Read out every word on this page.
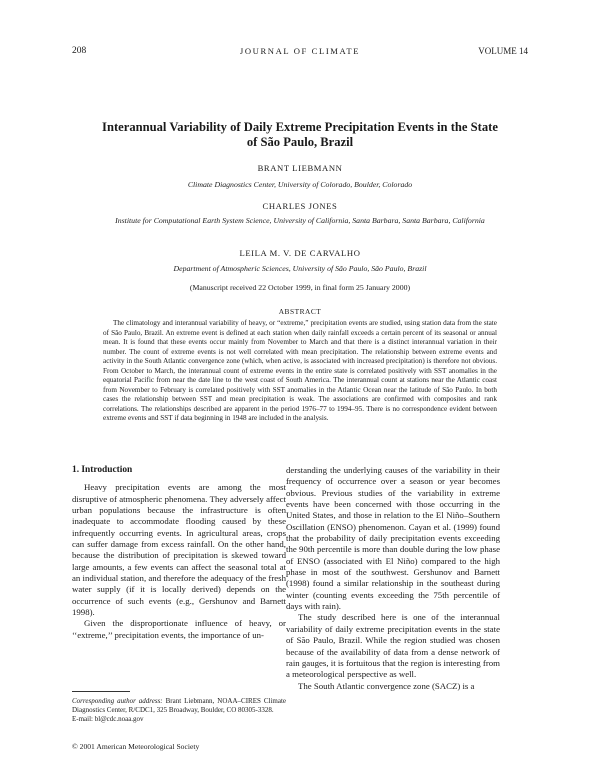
208	JOURNAL OF CLIMATE	VOLUME 14
Interannual Variability of Daily Extreme Precipitation Events in the State of São Paulo, Brazil
BRANT LIEBMANN
Climate Diagnostics Center, University of Colorado, Boulder, Colorado
CHARLES JONES
Institute for Computational Earth System Science, University of California, Santa Barbara, Santa Barbara, California
LEILA M. V. DE CARVALHO
Department of Atmospheric Sciences, University of São Paulo, São Paulo, Brazil
(Manuscript received 22 October 1999, in final form 25 January 2000)
ABSTRACT

The climatology and interannual variability of heavy, or “extreme,” precipitation events are studied, using station data from the state of São Paulo, Brazil. An extreme event is defined at each station when daily rainfall exceeds a certain percent of its seasonal or annual mean. It is found that these events occur mainly from November to March and that there is a distinct interannual variation in their number. The count of extreme events is not well correlated with mean precipitation. The relationship between extreme events and activity in the South Atlantic convergence zone (which, when active, is associated with increased precipitation) is therefore not obvious. From October to March, the interannual count of extreme events in the entire state is correlated positively with SST anomalies in the equatorial Pacific from near the date line to the west coast of South America. The interannual count at stations near the Atlantic coast from November to February is correlated positively with SST anomalies in the Atlantic Ocean near the latitude of São Paulo. In both cases the relationship between SST and mean precipitation is weak. The associations are confirmed with composites and rank correlations. The relationships described are apparent in the period 1976–77 to 1994–95. There is no correspondence evident between extreme events and SST if data beginning in 1948 are included in the analysis.

1. Introduction

Heavy precipitation events are among the most disruptive of atmospheric phenomena. They adversely affect urban populations because the infrastructure is often inadequate to accommodate flooding caused by these infrequently occurring events. In agricultural areas, crops can suffer damage from excess rainfall. On the other hand, because the distribution of precipitation is skewed toward large amounts, a few events can affect the seasonal total at an individual station, and therefore the adequacy of the fresh water supply (if it is locally derived) depends on the occurrence of such events (e.g., Gershunov and Barnett 1998).

Given the disproportionate influence of heavy, or ‘‘extreme,’’ precipitation events, the importance of un-

derstanding the underlying causes of the variability in their frequency of occurrence over a season or year becomes obvious. Previous studies of the variability in extreme events have been concerned with those occurring in the United States, and those in relation to the El Niño–Southern Oscillation (ENSO) phenomenon. Cayan et al. (1999) found that the probability of daily precipitation events exceeding the 90th percentile is more than double during the low phase of ENSO (associated with El Niño) compared to the high phase in most of the southwest. Gershunov and Barnett (1998) found a similar relationship in the southeast during winter (counting events exceeding the 75th percentile of days with rain).

The study described here is one of the interannual variability of daily extreme precipitation events in the state of São Paulo, Brazil. While the region studied was chosen because of the availability of data from a dense network of rain gauges, it is fortuitous that the region is interesting from a meteorological perspective as well.

The South Atlantic convergence zone (SACZ) is a

Corresponding author address: Brant Liebmann, NOAA–CIRES Climate Diagnostics Center, R/CDC1, 325 Broadway, Boulder, CO 80305-3328.
E-mail: bl@cdc.noaa.gov

© 2001 American Meteorological Society
